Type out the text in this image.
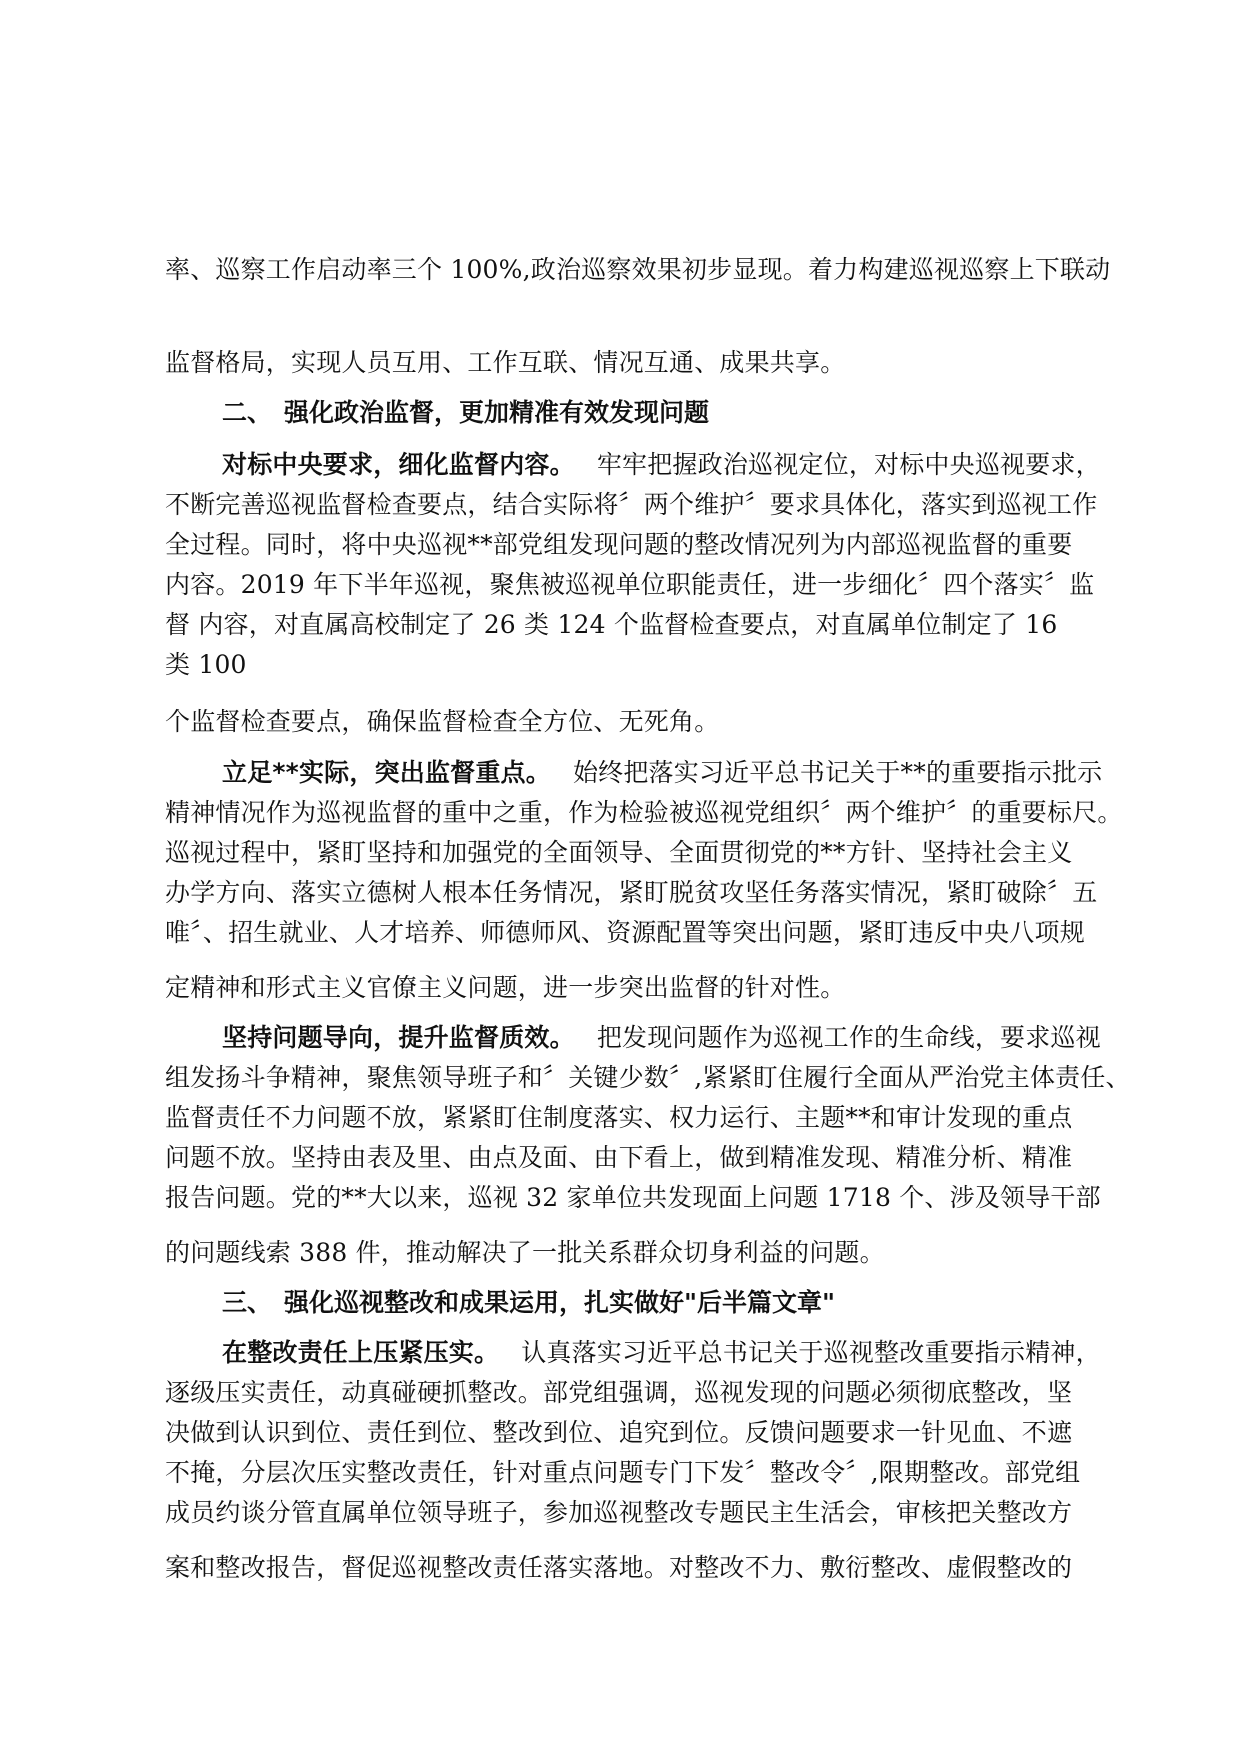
率、巡察工作启动率三个 100%,政治巡察效果初步显现。着力构建巡视巡察上下联动
监督格局，实现人员互用、工作互联、情况互通、成果共享。
二、 强化政治监督，更加精准有效发现问题
对标中央要求，细化监督内容。 牢牢把握政治巡视定位，对标中央巡视要求，
不断完善巡视监督检查要点，结合实际将〞两个维护〞要求具体化，落实到巡视工作
全过程。同时，将中央巡视**部党组发现问题的整改情况列为内部巡视监督的重要
内容。2019 年下半年巡视，聚焦被巡视单位职能责任，进一步细化〞四个落实〞监
督 内容，对直属高校制定了 26 类 124 个监督检查要点，对直属单位制定了 16
类 100
个监督检查要点，确保监督检查全方位、无死角。
立足**实际，突出监督重点。 始终把落实习近平总书记关于**的重要指示批示
精神情况作为巡视监督的重中之重，作为检验被巡视党组织〞两个维护〞的重要标尺。
巡视过程中，紧盯坚持和加强党的全面领导、全面贯彻党的**方针、坚持社会主义
办学方向、落实立德树人根本任务情况，紧盯脱贫攻坚任务落实情况，紧盯破除〞五
唯〞、招生就业、人才培养、师德师风、资源配置等突出问题，紧盯违反中央八项规
定精神和形式主义官僚主义问题，进一步突出监督的针对性。
坚持问题导向，提升监督质效。 把发现问题作为巡视工作的生命线，要求巡视
组发扬斗争精神，聚焦领导班子和〞关键少数〞,紧紧盯住履行全面从严治党主体责任、
监督责任不力问题不放，紧紧盯住制度落实、权力运行、主题**和审计发现的重点
问题不放。坚持由表及里、由点及面、由下看上，做到精准发现、精准分析、精准
报告问题。党的**大以来，巡视 32 家单位共发现面上问题 1718 个、涉及领导干部
的问题线索 388 件，推动解决了一批关系群众切身利益的问题。
三、 强化巡视整改和成果运用，扎实做好"后半篇文章"
在整改责任上压紧压实。 认真落实习近平总书记关于巡视整改重要指示精神，
逐级压实责任，动真碰硬抓整改。部党组强调，巡视发现的问题必须彻底整改，坚
决做到认识到位、责任到位、整改到位、追究到位。反馈问题要求一针见血、不遮
不掩，分层次压实整改责任，针对重点问题专门下发〞整改令〞,限期整改。部党组
成员约谈分管直属单位领导班子，参加巡视整改专题民主生活会，审核把关整改方
案和整改报告，督促巡视整改责任落实落地。对整改不力、敷衍整改、虚假整改的
